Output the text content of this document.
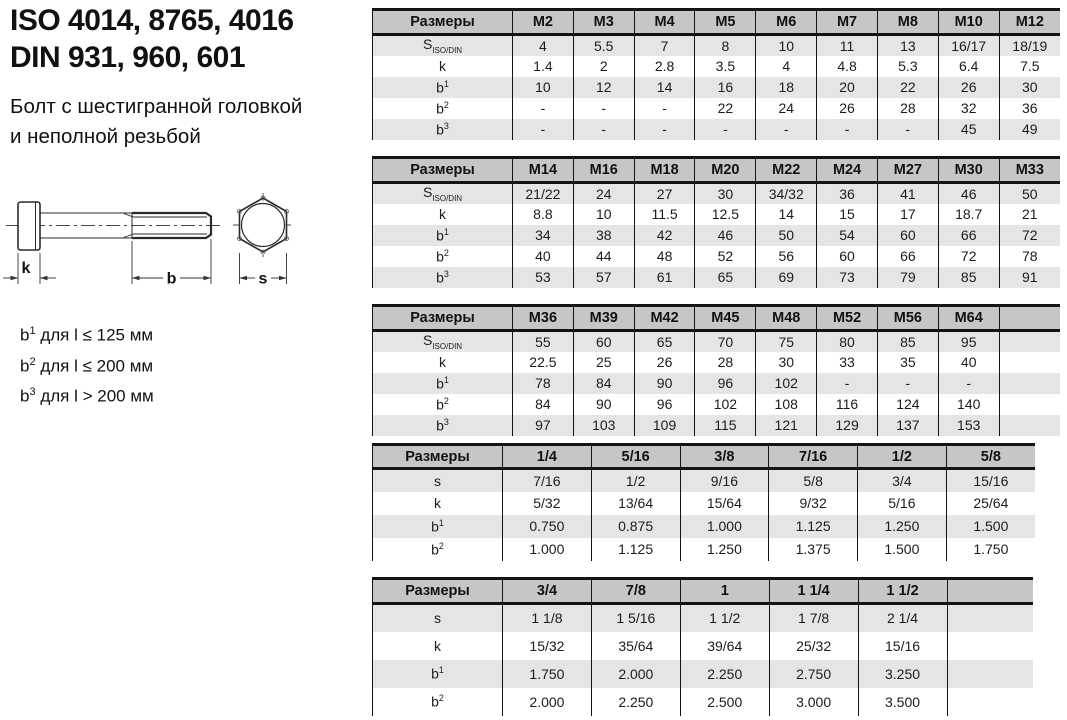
ISO 4014, 8765, 4016
DIN 931, 960, 601
Болт с шестигранной головкой
и неполной резьбой
k
b	s
$b^1$ для l ≤ 125 мм
$b^2$ для l ≤ 200 мм
$b^3$ для l > 200 мм
Размеры	M2	M3	M4	M5	M6	M7	M8	M10	M12
$S_{ISO/DIN}$	4	5.5	7	8	10	11	13	16/17	18/19
k	1.4	2	2.8	3.5	4	4.8	5.3	6.4	7.5
$b^1$	10	12	14	16	18	20	22	26	30
$b^2$	-	-	-	22	24	26	28	32	36
$b^3$	-	-	-	-	-	-	-	45	49
Размеры	M14	M16	M18	M20	M22	M24	M27	M30	M33
$S_{ISO/DIN}$	21/22	24	27	30	34/32	36	41	46	50
k	8.8	10	11.5	12.5	14	15	17	18.7	21
$b^1$	34	38	42	46	50	54	60	66	72
$b^2$	40	44	48	52	56	60	66	72	78
$b^3$	53	57	61	65	69	73	79	85	91
Размеры	M36	M39	M42	M45	M48	M52	M56	M64	
$S_{ISO/DIN}$	55	60	65	70	75	80	85	95	
k	22.5	25	26	28	30	33	35	40	
$b^1$	78	84	90	96	102	-	-	-	
$b^2$	84	90	96	102	108	116	124	140	
$b^3$	97	103	109	115	121	129	137	153	
Размеры	1/4	5/16	3/8	7/16	1/2	5/8
s	7/16	1/2	9/16	5/8	3/4	15/16
k	5/32	13/64	15/64	9/32	5/16	25/64
$b^1$	0.750	0.875	1.000	1.125	1.250	1.500
$b^2$	1.000	1.125	1.250	1.375	1.500	1.750
Размеры	3/4	7/8	1	1 1/4	1 1/2	
s	1 1/8	1 5/16	1 1/2	1 7/8	2 1/4	
k	15/32	35/64	39/64	25/32	15/16	
$b^1$	1.750	2.000	2.250	2.750	3.250	
$b^2$	2.000	2.250	2.500	3.000	3.500	
